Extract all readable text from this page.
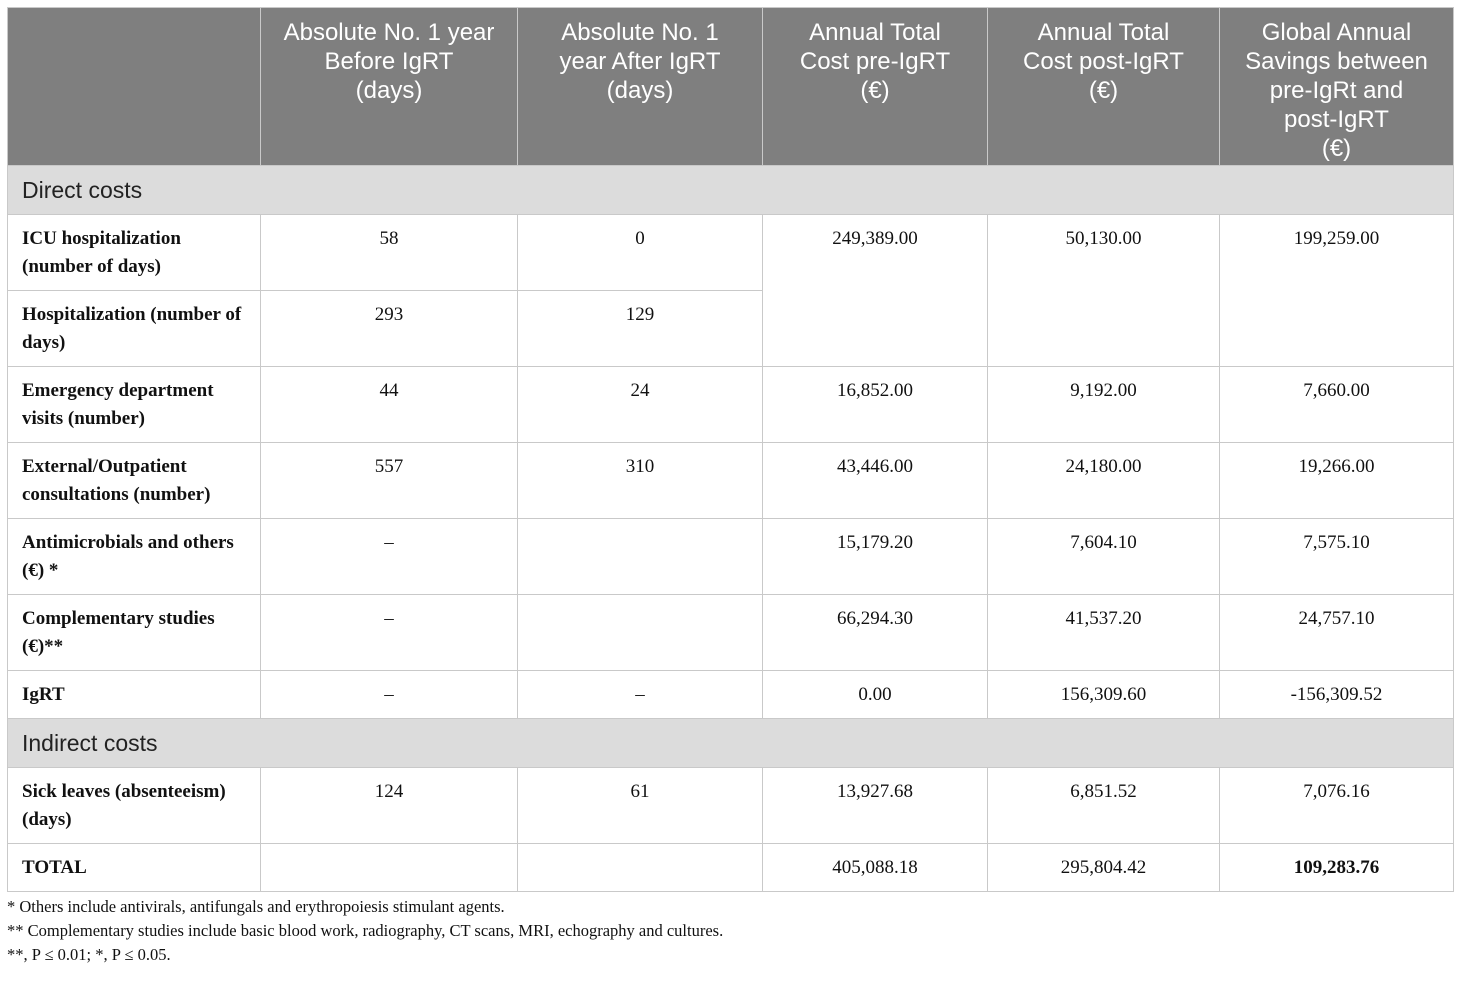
	Absolute No. 1 year
Before IgRT
(days)	Absolute No. 1
year After IgRT
(days)	Annual Total
Cost pre-IgRT
(€)	Annual Total
Cost post-IgRT
(€)	Global Annual
Savings between
pre-IgRt and
post-IgRT
(€)
Direct costs					
ICU hospitalization (number of days)	58	0	249,389.00	50,130.00	199,259.00
Hospitalization (number of days)	293	129			
Emergency department visits (number)	44	24	16,852.00	9,192.00	7,660.00
External/Outpatient consultations (number)	557	310	43,446.00	24,180.00	19,266.00
Antimicrobials and others (€) *	–		15,179.20	7,604.10	7,575.10
Complementary studies (€)**	–		66,294.30	41,537.20	24,757.10
IgRT	–	–	0.00	156,309.60	-156,309.52
Indirect costs					
Sick leaves (absenteeism) (days)	124	61	13,927.68	6,851.52	7,076.16
TOTAL			405,088.18	295,804.42	109,283.76
* Others include antivirals, antifungals and erythropoiesis stimulant agents.
** Complementary studies include basic blood work, radiography, CT scans, MRI, echography and cultures.
**, P ≤ 0.01; *, P ≤ 0.05.
